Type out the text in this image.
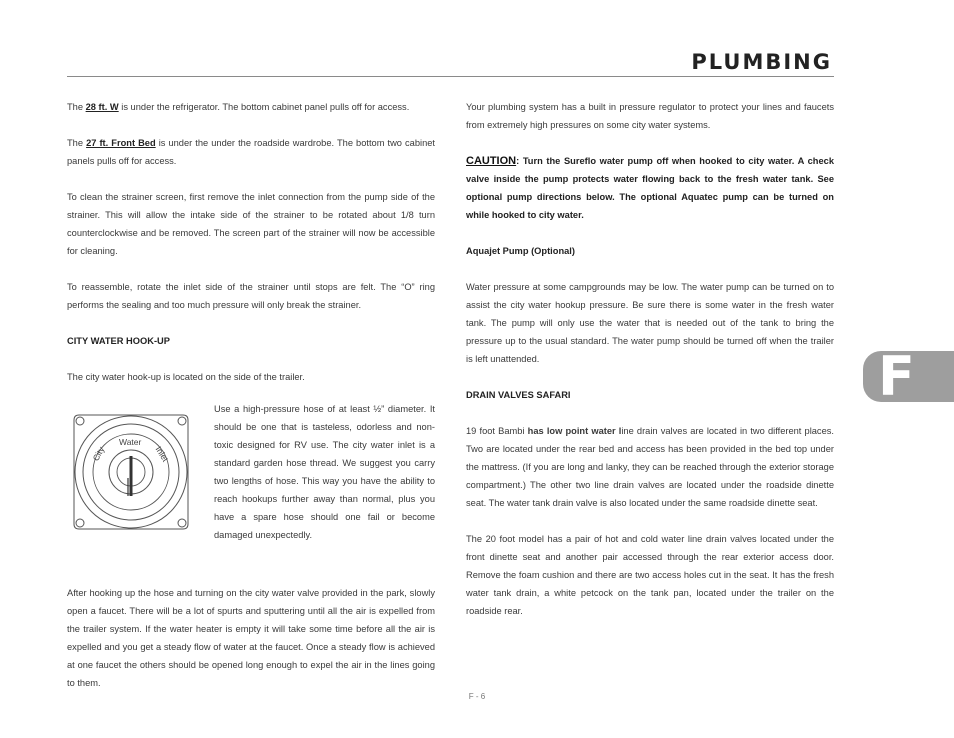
PLUMBING

The 28 ft. W is under the refrigerator. The bottom cabinet panel pulls off for access.

The 27 ft. Front Bed is under the under the roadside wardrobe. The bottom two cabinet panels pulls off for access.

To clean the strainer screen, first remove the inlet connection from the pump side of the strainer. This will allow the intake side of the strainer to be rotated about 1/8 turn counterclockwise and be removed. The screen part of the strainer will now be accessible for cleaning.

To reassemble, rotate the inlet side of the strainer until stops are felt. The “O” ring performs the sealing and too much pressure will only break the strainer.

CITY WATER HOOK-UP

The city water hook-up is located on the side of the trailer.

Water
City	Inlet
Use a high-pressure hose of at least ½” diameter. It should be one that is tasteless, odorless and non-toxic designed for RV use. The city water inlet is a standard garden hose thread. We suggest you carry two lengths of hose. This way you have the ability to reach hookups further away than normal, plus you have a spare hose should one fail or become damaged unexpectedly.

After hooking up the hose and turning on the city water valve provided in the park, slowly open a faucet. There will be a lot of spurts and sputtering until all the air is expelled from the trailer system. If the water heater is empty it will take some time before all the air is expelled and you get a steady flow of water at the faucet. Once a steady flow is achieved at one faucet the others should be opened long enough to expel the air in the lines going to them.

Your plumbing system has a built in pressure regulator to protect your lines and faucets from extremely high pressures on some city water systems.

CAUTION: Turn the Sureflo water pump off when hooked to city water. A check valve inside the pump protects water flowing back to the fresh water tank. See optional pump directions below. The optional Aquatec pump can be turned on while hooked to city water.

Aquajet Pump (Optional)

Water pressure at some campgrounds may be low. The water pump can be turned on to assist the city water hookup pressure. Be sure there is some water in the fresh water tank. The pump will only use the water that is needed out of the tank to bring the pressure up to the usual standard. The water pump should be turned off when the trailer is left unattended.

DRAIN VALVES SAFARI

19 foot Bambi has low point water line drain valves are located in two different places. Two are located under the rear bed and access has been provided in the bed top under the mattress. (If you are long and lanky, they can be reached through the exterior storage compartment.) The other two line drain valves are located under the roadside dinette seat. The water tank drain valve is also located under the same roadside dinette seat.

The 20 foot model has a pair of hot and cold water line drain valves located under the front dinette seat and another pair accessed through the rear exterior access door. Remove the foam cushion and there are two access holes cut in the seat. It has the fresh water tank drain, a white petcock on the tank pan, located under the trailer on the roadside rear.

F
F - 6
